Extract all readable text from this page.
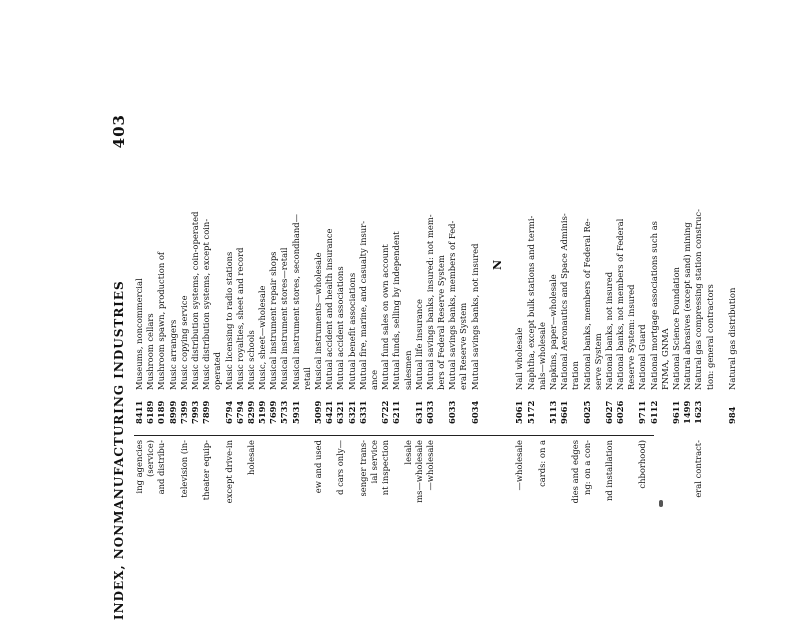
INDEX, NONMANUFACTURING INDUSTRIES
403
ing agencies
8411
Museums, noncommercial
(service)
6189
Mushroom cellars
and distribu-
0189
Mushroom spawn, production of
8999
Music arrangers
television (in-
7399
Music copying service
7993
Music distribution systems, coin-operated
theater equip-
7899
Music distribution systems, except coin- operated
except drive-in
6794
Music licensing to radio stations
6794
Music royalties, sheet and record
holesale
8299
Music schools
5199
Music, sheet—wholesale
7699
Musical instrument repair shops
5733
Musical instrument stores—retail
5931
Musical instrument stores, secondhand— retail
ew and used
5099
Musical instruments—wholesale
6421
Mutual accident and health insurance
d cars only—
6321
Mutual accident associations
6321
Mutual benefit associations
senger trans-
6331
Mutual fire, marine, and casualty insur-
ial service
ance
nt inspection
6722
Mutual fund sales on own account
6211
Mutual funds, selling by independent
lesale
salesmen
ms—wholesale
6311
Mutual life insurance
—wholesale
6033
Mutual savings banks, insured: not mem- bers of Federal Reserve System
6033
Mutual savings banks, members of Fed- eral Reserve System
6034
Mutual savings banks, not insured N
—wholesale
5061
Nail wholesale
5172
Naphtha, except bulk stations and termi-
cards: on a
nals—wholesale
5113
Napkins, paper—wholesale
9661
National Aeronautics and Space Adminis-
dies and edges
tration
ng: on a con-
6025
National banks, members of Federal Re- serve System
nd installation
6027
National banks, not insured
6026
National banks, not members of Federal Reserve System: insured
chborhood)
9711
National Guard
6112
National mortgage associations such as FNMA, GNMA
9611
National Science Foundation
1499
Natural abrasives (except sand) mining
eral contract-
1623
Natural gas compressing station construc- tion: general contractors
984
Natural gas distribution
